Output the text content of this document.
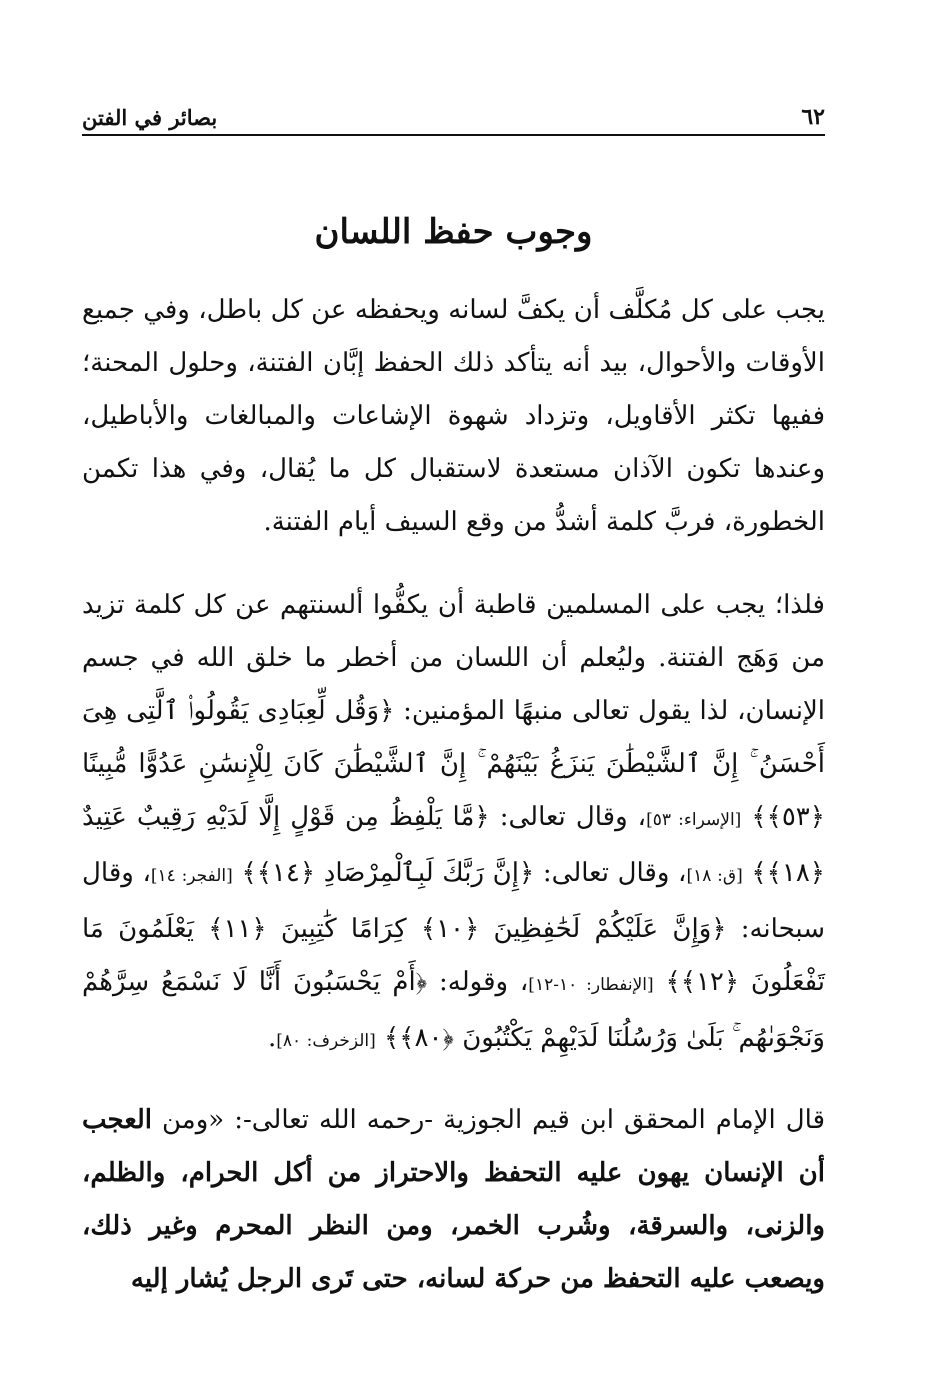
٦٢
بصائر في الفتن
وجوب حفظ اللسان

يجب على كل مُكلَّف أن يكفَّ لسانه ويحفظه عن كل باطل، وفي جميع الأوقات والأحوال، بيد أنه يتأكد ذلك الحفظ إبَّان الفتنة، وحلول المحنة؛ ففيها تكثر الأقاويل، وتزداد شهوة الإشاعات والمبالغات والأباطيل، وعندها تكون الآذان مستعدة لاستقبال كل ما يُقال، وفي هذا تكمن الخطورة، فربَّ كلمة أشدُّ من وقع السيف أيام الفتنة.

فلذا؛ يجب على المسلمين قاطبة أن يكفُّوا ألسنتهم عن كل كلمة تزيد من وَهَج الفتنة. وليُعلم أن اللسان من أخطر ما خلق الله في جسم الإنسان، لذا يقول تعالى منبهًا المؤمنين: ﴿وَقُل لِّعِبَادِى يَقُولُوا۟ ٱلَّتِى هِىَ أَحْسَنُ ۚ إِنَّ ٱلشَّيْطَٰنَ يَنزَغُ بَيْنَهُمْ ۚ إِنَّ ٱلشَّيْطَٰنَ كَانَ لِلْإِنسَٰنِ عَدُوًّا مُّبِينًا ﴿٥٣﴾﴾ [الإسراء: ٥٣]، وقال تعالى: ﴿مَّا يَلْفِظُ مِن قَوْلٍ إِلَّا لَدَيْهِ رَقِيبٌ عَتِيدٌ ﴿١٨﴾﴾ [ق: ١٨]، وقال تعالى: ﴿إِنَّ رَبَّكَ لَبِٱلْمِرْصَادِ ﴿١٤﴾﴾ [الفجر: ١٤]، وقال سبحانه: ﴿وَإِنَّ عَلَيْكُمْ لَحَٰفِظِينَ ﴿١٠﴾ كِرَامًا كَٰتِبِينَ ﴿١١﴾ يَعْلَمُونَ مَا تَفْعَلُونَ ﴿١٢﴾﴾ [الإنفطار: ١٠-١٢]، وقوله: ﴿أَمْ يَحْسَبُونَ أَنَّا لَا نَسْمَعُ سِرَّهُمْ وَنَجْوَىٰهُم ۚ بَلَىٰ وَرُسُلُنَا لَدَيْهِمْ يَكْتُبُونَ ﴿٨٠﴾﴾ [الزخرف: ٨٠].

قال الإمام المحقق ابن قيم الجوزية -رحمه الله تعالى-: «ومن العجب أن الإنسان يهون عليه التحفظ والاحتراز من أكل الحرام، والظلم، والزنى، والسرقة، وشُرب الخمر، ومن النظر المحرم وغير ذلك، ويصعب عليه التحفظ من حركة لسانه، حتى تَرى الرجل يُشار إليه
